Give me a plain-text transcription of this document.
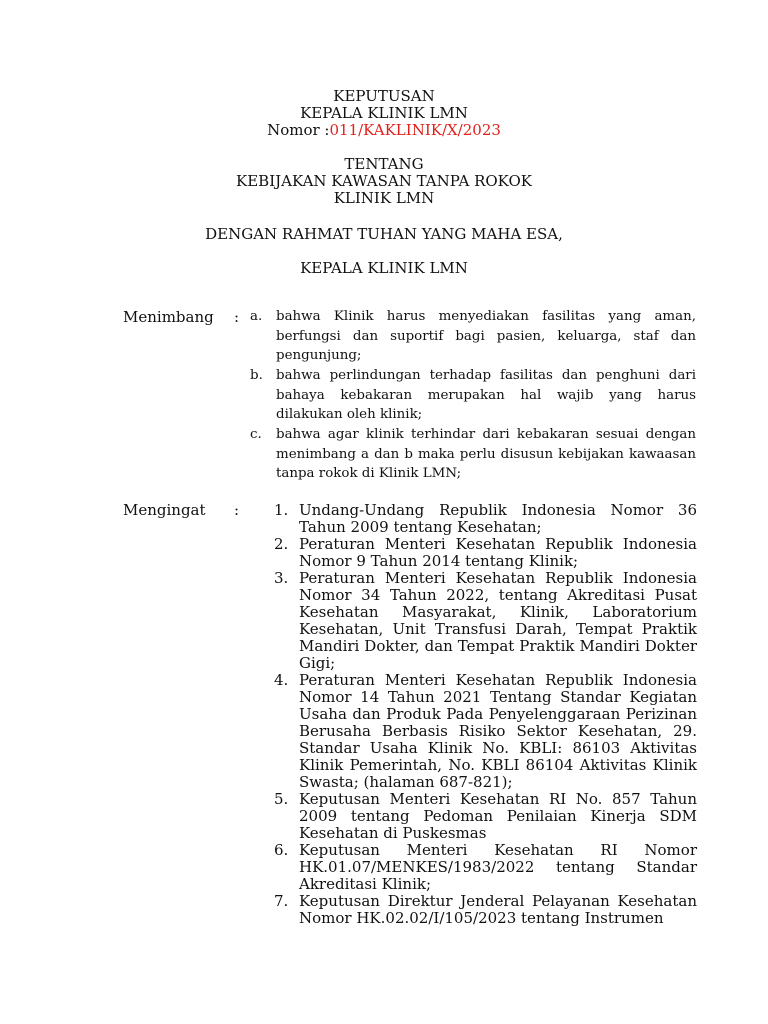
KEPUTUSAN
KEPALA KLINIK LMN
Nomor :011/KAKLINIK/X/2023
TENTANG
KEBIJAKAN KAWASAN TANPA ROKOK
KLINIK LMN
DENGAN RAHMAT TUHAN YANG MAHA ESA,
KEPALA KLINIK LMN
Menimbang : a. bahwa Klinik harus menyediakan fasilitas yang aman, berfungsi dan suportif bagi pasien, keluarga, staf dan pengunjung;
b. bahwa perlindungan terhadap fasilitas dan penghuni dari bahaya kebakaran merupakan hal wajib yang harus dilakukan oleh klinik;
c. bahwa agar klinik terhindar dari kebakaran sesuai dengan menimbang a dan b maka perlu disusun kebijakan kawaasan tanpa rokok di Klinik LMN;
Mengingat : 1. Undang-Undang Republik Indonesia Nomor 36 Tahun 2009 tentang Kesehatan;
2. Peraturan Menteri Kesehatan Republik Indonesia Nomor 9 Tahun 2014 tentang Klinik;
3. Peraturan Menteri Kesehatan Republik Indonesia Nomor 34 Tahun 2022, tentang Akreditasi Pusat Kesehatan Masyarakat, Klinik, Laboratorium Kesehatan, Unit Transfusi Darah, Tempat Praktik Mandiri Dokter, dan Tempat Praktik Mandiri Dokter Gigi;
4. Peraturan Menteri Kesehatan Republik Indonesia Nomor 14 Tahun 2021 Tentang Standar Kegiatan Usaha dan Produk Pada Penyelenggaraan Perizinan Berusaha Berbasis Risiko Sektor Kesehatan, 29. Standar Usaha Klinik No. KBLI: 86103 Aktivitas Klinik Pemerintah, No. KBLI 86104 Aktivitas Klinik Swasta; (halaman 687-821);
5. Keputusan Menteri Kesehatan RI No. 857 Tahun 2009 tentang Pedoman Penilaian Kinerja SDM Kesehatan di Puskesmas
6. Keputusan Menteri Kesehatan RI Nomor HK.01.07/MENKES/1983/2022 tentang Standar Akreditasi Klinik;
7. Keputusan Direktur Jenderal Pelayanan Kesehatan Nomor HK.02.02/I/105/2023 tentang Instrumen
